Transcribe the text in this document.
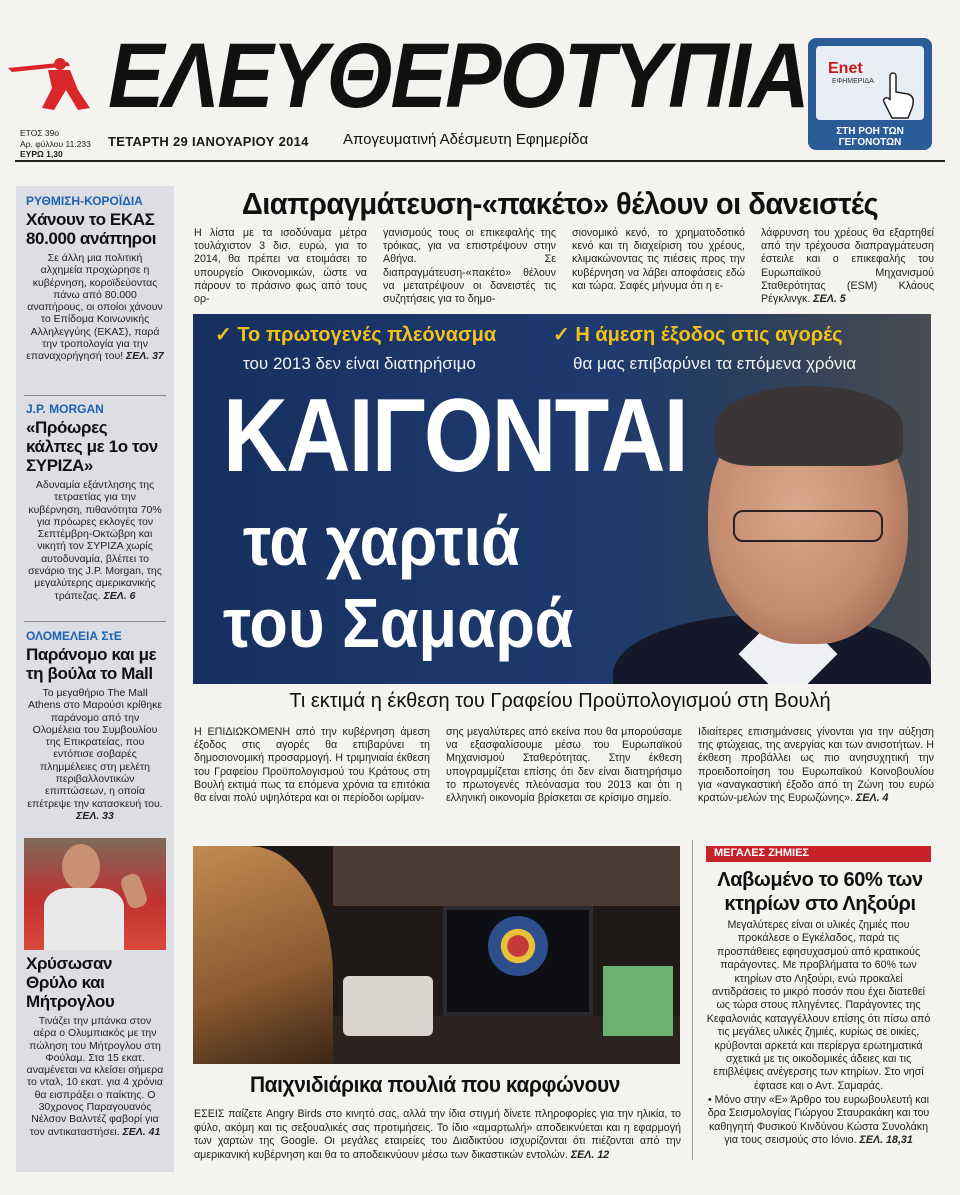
ΕΛΕΥΘΕΡΟΤΥΠΙΑ Enet
ΕΦΗΜΕΡΙΔΑ
ΣΤΗ ΡΟΗ ΤΩΝ ΓΕΓΟΝΟΤΩΝ
ΕΤΟΣ 39ο
Αρ. φύλλου 11.233
ΕΥΡΩ 1,30
ΤΕΤΑΡΤΗ 29 ΙΑΝΟΥΑΡΙΟΥ 2014 Απογευματινή Αδέσμευτη Εφημερίδα
ΡΥΘΜΙΣΗ-ΚΟΡΟΪΔΙΑ
Χάνουν το ΕΚΑΣ 80.000 ανάπηροι
Σε άλλη μια πολιτική αλχημεία προχώρησε η κυβέρνηση, κοροϊδεύοντας πάνω από 80.000 αναπήρους, οι οποίοι χάνουν το Επίδομα Κοινωνικής Αλληλεγγύης (ΕΚΑΣ), παρά την τροπολογία για την επαναχορήγησή του! ΣΕΛ. 37
J.P. MORGAN
«Πρόωρες κάλπες με 1ο τον ΣΥΡΙΖΑ»
Αδυναμία εξάντλησης της τετραετίας για την κυβέρνηση, πιθανότητα 70% για πρόωρες εκλογές τον Σεπτέμβρη-Οκτώβρη και νικητή τον ΣΥΡΙΖΑ χωρίς αυτοδυναμία, βλέπει το σενάριο της J.P. Morgan, της μεγαλύτερης αμερικανικής τράπεζας. ΣΕΛ. 6
ΟΛΟΜΕΛΕΙΑ ΣτΕ
Παράνομο και με τη βούλα το Mall
Το μεγαθήριο The Mall Athens στο Μαρούσι κρίθηκε παράνομο από την Ολομέλεια του Συμβουλίου της Επικρατείας, που εντόπισε σοβαρές πλημμέλειες στη μελέτη περιβαλλοντικών επιπτώσεων, η οποία επέτρεψε την κατασκευή του. ΣΕΛ. 33
Χρύσωσαν Θρύλο και Μήτρογλου
Τινάζει την μπάνκα στον αέρα ο Ολυμπιακός με την πώληση του Μήτρογλου στη Φούλαμ. Στα 15 εκατ. αναμένεται να κλείσει σήμερα το νταλ, 10 εκατ. για 4 χρόνια θα εισπράξει ο παίκτης. Ο 30χρονος Παραγουανός Νέλσον Βαλντέζ φαβορί για τον αντικαταστήσει. ΣΕΛ. 41
Διαπραγμάτευση-«πακέτο» θέλουν οι δανειστές

Η λίστα με τα ισοδύναμα μέτρα τουλάχιστον 3 δισ. ευρώ, για το 2014, θα πρέπει να ετοιμάσει το υπουργείο Οικονομικών, ώστε να πάρουν το πράσινο φως από τους ορ-

γανισμούς τους οι επικεφαλής της τρόικας, για να επιστρέψουν στην Αθήνα. Σε διαπραγμάτευση-«πακέτο» θέλουν να μετατρέψουν οι δανειστές τις συζητήσεις για το δημο-

σιονομικό κενό, το χρηματοδοτικό κενό και τη διαχείριση του χρέους, κλιμακώνοντας τις πιέσεις προς την κυβέρνηση να λάβει αποφάσεις εδώ και τώρα. Σαφές μήνυμα ότι η ε-

λάφρυνση του χρέους θα εξαρτηθεί από την τρέχουσα διαπραγμάτευση έστειλε και ο επικεφαλής του Ευρωπαϊκού Μηχανισμού Σταθερότητας (ESM) Κλάους Ρέγκλινγκ. ΣΕΛ. 5

✓ Το πρωτογενές πλεόνασμα
του 2013 δεν είναι διατηρήσιμο
✓ Η άμεση έξοδος στις αγορές
θα μας επιβαρύνει τα επόμενα χρόνια
ΚΑΙΓΟΝΤΑΙ
τα χαρτιά
του Σαμαρά
Τι εκτιμά η έκθεση του Γραφείου Προϋπολογισμού στη Βουλή

Η ΕΠΙΔΙΩΚΟΜΕΝΗ από την κυβέρνηση άμεση έξοδος στις αγορές θα επιβαρύνει τη δημοσιονομική προσαρμογή. Η τριμηνιαία έκθεση του Γραφείου Προϋπολογισμού του Κράτους στη Βουλή εκτιμά πως τα επόμενα χρόνια τα επιτόκια θα είναι πολύ υψηλότερα και οι περίοδοι ωρίμαν-

σης μεγαλύτερες από εκείνα που θα μπορούσαμε να εξασφαλίσουμε μέσω του Ευρωπαϊκού Μηχανισμού Σταθερότητας. Στην έκθεση υπογραμμίζεται επίσης ότι δεν είναι διατηρήσιμο το πρωτογενές πλεόνασμα του 2013 και ότι η ελληνική οικονομία βρίσκεται σε κρίσιμο σημείο.

Ιδιαίτερες επισημάνσεις γίνονται για την αύξηση της φτώχειας, της ανεργίας και των ανισοτήτων. Η έκθεση προβάλλει ως πιο ανησυχητική την προειδοποίηση του Ευρωπαϊκού Κοινοβουλίου για «αναγκαστική έξοδο από τη Ζώνη του ευρώ κρατών-μελών της Ευρωζώνης». ΣΕΛ. 4

Παιχνιδιάρικα πουλιά που καρφώνουν
ΕΣΕΙΣ παίζετε Angry Birds στο κινητό σας, αλλά την ίδια στιγμή δίνετε πληροφορίες για την ηλικία, το φύλο, ακόμη και τις σεξουαλικές σας προτιμήσεις. Το ίδιο «αμαρτωλή» αποδεικνύεται και η εφαρμογή των χαρτών της Google. Οι μεγάλες εταιρείες του Διαδικτύου ισχυρίζονται ότι πιέζονται από την αμερικανική κυβέρνηση και θα το αποδεικνύουν μέσω των δικαστικών εντολών. ΣΕΛ. 12
ΜΕΓΑΛΕΣ ΖΗΜΙΕΣ
Λαβωμένο το 60% των κτηρίων στο Ληξούρι
Μεγαλύτερες είναι οι υλικές ζημιές που προκάλεσε ο Εγκέλαδος, παρά τις προσπάθειες εφησυχασμού από κρατικούς παράγοντες. Με προβλήματα το 60% των κτηρίων στο Ληξούρι, ενώ προκαλεί αντιδράσεις το μικρό ποσόν που έχει διατεθεί ως τώρα στους πληγέντες. Παράγοντες της Κεφαλονιάς καταγγέλλουν επίσης ότι πίσω από τις μεγάλες υλικές ζημιές, κυρίως σε οικίες, κρύβονται αρκετά και περίεργα ερωτηματικά σχετικά με τις οικοδομικές άδειες και τις επιβλέψεις ανέγερσης των κτηρίων. Στο νησί έφτασε και ο Αντ. Σαμαράς.
• Μόνο στην «Ε» Άρθρο του ευρωβουλευτή και δρα Σεισμολογίας Γιώργου Σταυρακάκη και του καθηγητή Φυσικού Κινδύνου Κώστα Συνολάκη για τους σεισμούς στο Ιόνιο. ΣΕΛ. 18,31
